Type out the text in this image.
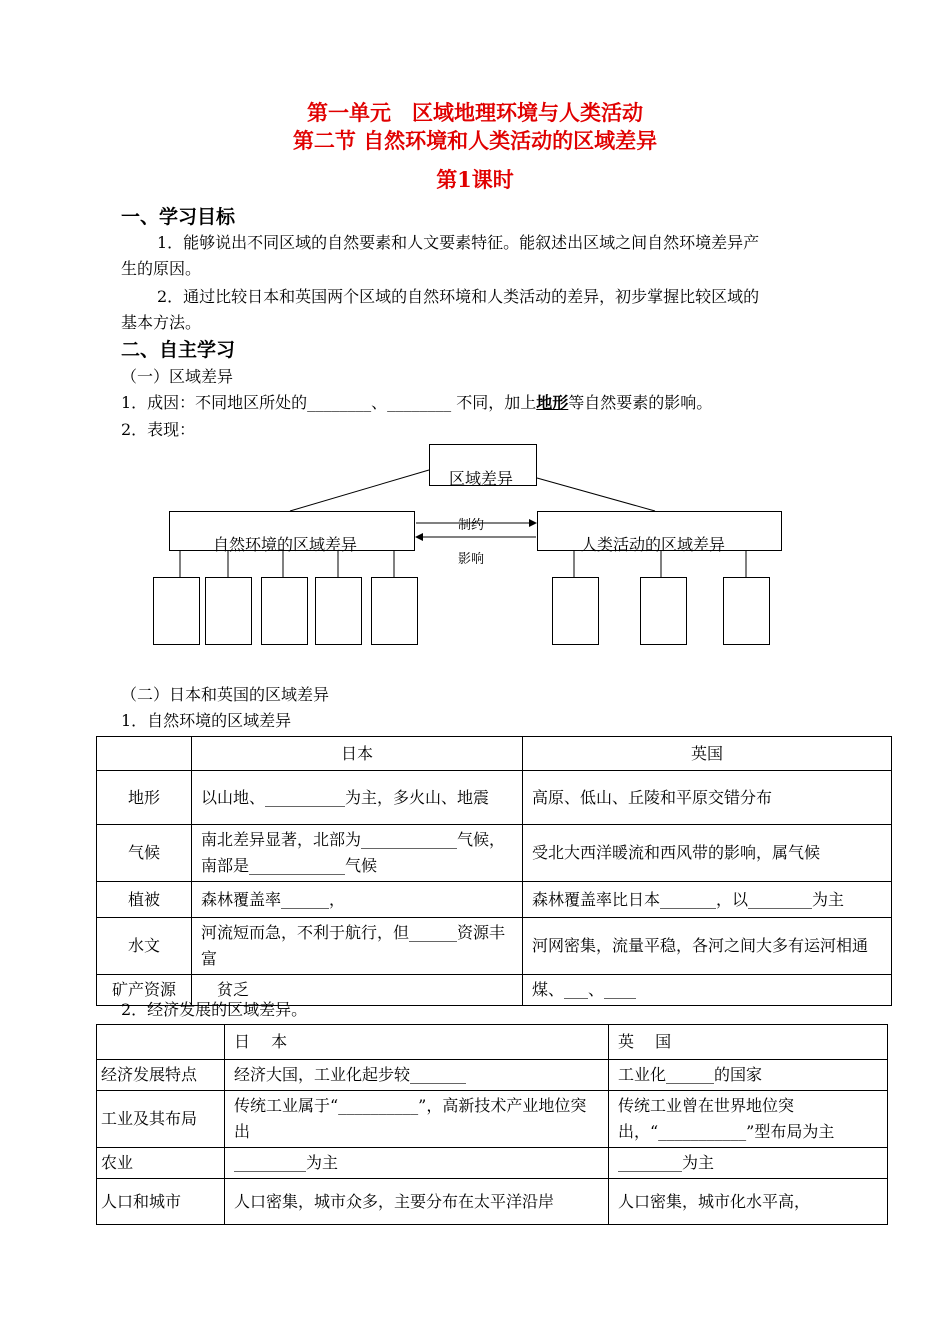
第一单元　区域地理环境与人类活动
第二节 自然环境和人类活动的区域差异
第1课时
一、学习目标
1．能够说出不同区域的自然要素和人文要素特征。能叙述出区域之间自然环境差异产
生的原因。
2．通过比较日本和英国两个区域的自然环境和人类活动的差异，初步掌握比较区域的
基本方法。
二、自主学习
（一）区域差异
1．成因：不同地区所处的________、________ 不同，加上地形等自然要素的影响。
2．表现：
区域差异
自然环境的区域差异	人类活动的区域差异
制约
影响
（二）日本和英国的区域差异
1．自然环境的区域差异
	日本	英国
地形	以山地、__________为主，多火山、地震	高原、低山、丘陵和平原交错分布
气候	南北差异显著，北部为____________气候，南部是____________气候	受北大西洋暖流和西风带的影响，属气候
植被	森林覆盖率______，	森林覆盖率比日本_______，以________为主
水文	河流短而急，不利于航行，但______资源丰富	河网密集，流量平稳，各河之间大多有运河相通
矿产资源	　贫乏	煤、___、____
2．经济发展的区域差异。
	日　 本	英　 国
经济发展特点	经济大国，工业化起步较_______	工业化______的国家
工业及其布局	传统工业属于“__________”，高新技术产业地位突出	传统工业曾在世界地位突出，“___________”型布局为主
农业	_________为主	________为主
人口和城市	人口密集，城市众多，主要分布在太平洋沿岸	人口密集，城市化水平高，
